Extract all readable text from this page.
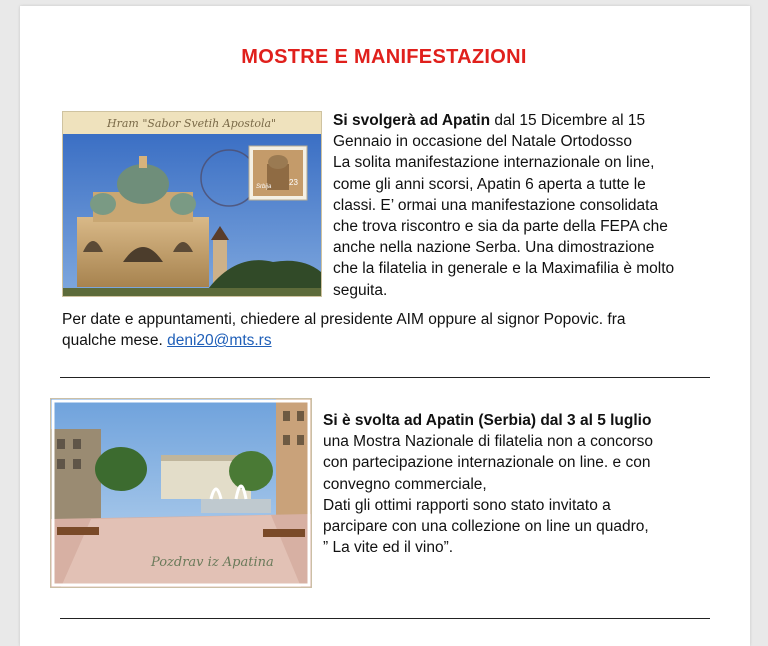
MOSTRE E MANIFESTAZIONI
Hram "Sabor Svetih Apostola"
23
Srbija
Si svolgerà ad Apatin dal 15 Dicembre al 15
Gennaio in occasione del Natale Ortodosso
La solita manifestazione internazionale on line,
come gli anni scorsi, Apatin 6 aperta a tutte le
classi. E’ ormai una manifestazione consolidata
che trova riscontro e sia da parte della FEPA che
anche nella nazione Serba. Una dimostrazione
che la filatelia in generale e la Maximafilia è molto
seguita.
Per date e appuntamenti, chiedere al presidente AIM oppure al signor Popovic. fra
qualche mese. deni20@mts.rs
Pozdrav iz Apatina
Si è svolta ad Apatin (Serbia) dal 3 al 5 luglio
una Mostra Nazionale di filatelia non a concorso
con partecipazione internazionale on line. e con
convegno commerciale,
Dati gli ottimi rapporti sono stato invitato a
parcipare con una collezione on line un quadro,
” La vite ed il vino”.
